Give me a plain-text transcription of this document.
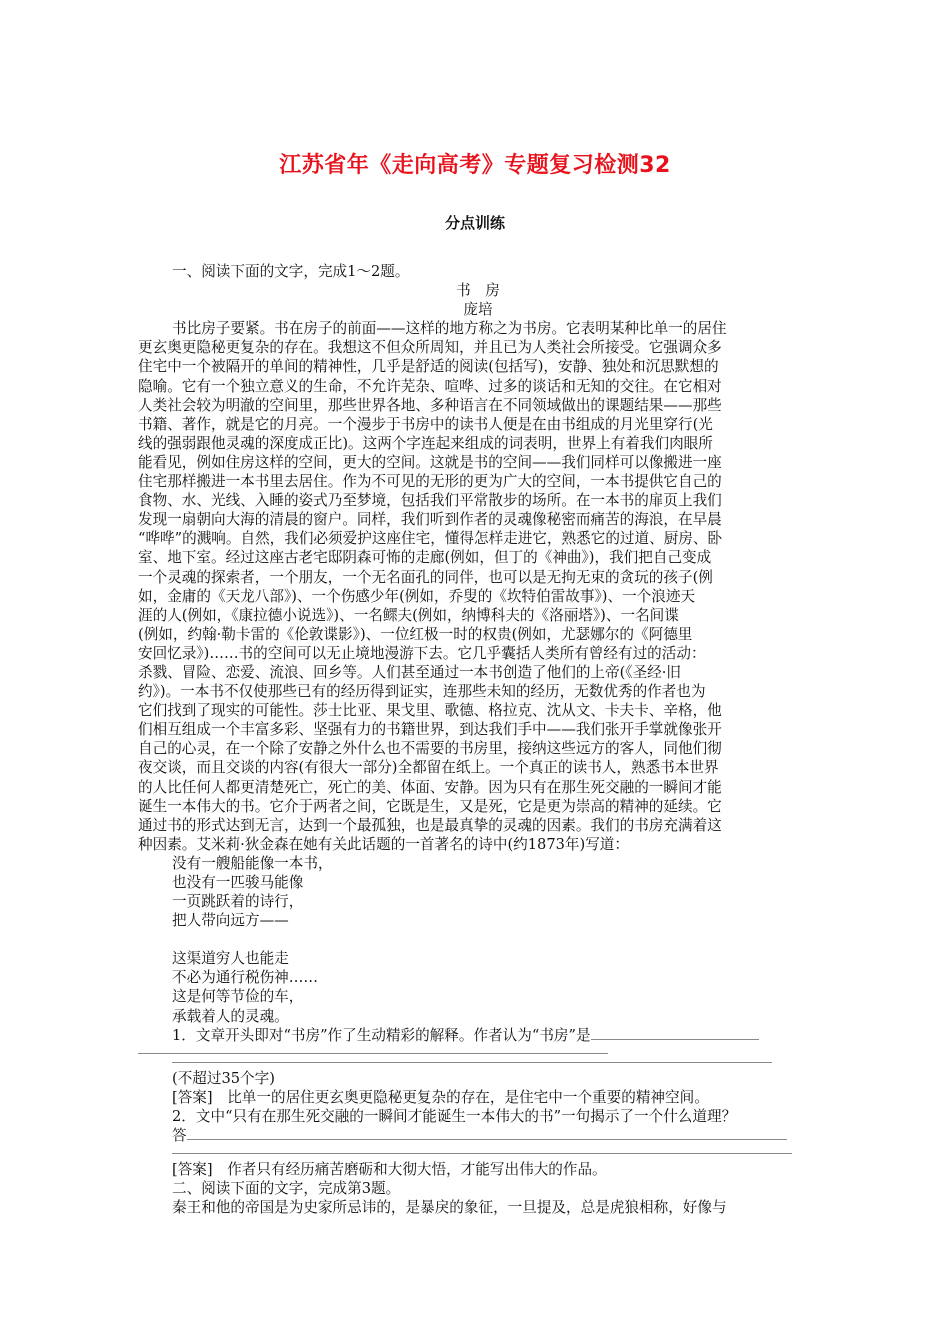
江苏省年《走向高考》专题复习检测32
分点训练
一、阅读下面的文字，完成1～2题。
书　房
庞培
书比房子要紧。书在房子的前面——这样的地方称之为书房。它表明某种比单一的居住
更玄奥更隐秘更复杂的存在。我想这不但众所周知，并且已为人类社会所接受。它强调众多
住宅中一个被隔开的单间的精神性，几乎是舒适的阅读(包括写)，安静、独处和沉思默想的
隐喻。它有一个独立意义的生命，不允许芜杂、喧哗、过多的谈话和无知的交往。在它相对
人类社会较为明澈的空间里，那些世界各地、多种语言在不同领域做出的课题结果——那些
书籍、著作，就是它的月亮。一个漫步于书房中的读书人便是在由书组成的月光里穿行(光
线的强弱跟他灵魂的深度成正比)。这两个字连起来组成的词表明，世界上有着我们肉眼所
能看见，例如住房这样的空间，更大的空间。这就是书的空间——我们同样可以像搬进一座
住宅那样搬进一本书里去居住。作为不可见的无形的更为广大的空间，一本书提供它自己的
食物、水、光线、入睡的姿式乃至梦境，包括我们平常散步的场所。在一本书的扉页上我们
发现一扇朝向大海的清晨的窗户。同样，我们听到作者的灵魂像秘密而痛苦的海浪，在早晨
“哗哗”的溅响。自然，我们必须爱护这座住宅，懂得怎样走进它，熟悉它的过道、厨房、卧
室、地下室。经过这座古老宅邸阴森可怖的走廊(例如，但丁的《神曲》)，我们把自己变成
一个灵魂的探索者，一个朋友，一个无名面孔的同伴，也可以是无拘无束的贪玩的孩子(例
如，金庸的《天龙八部》)、一个伤感少年(例如，乔叟的《坎特伯雷故事》)、一个浪迹天
涯的人(例如，《康拉德小说选》)、一名鳏夫(例如，纳博科夫的《洛丽塔》)、一名间谍
(例如，约翰·勒卡雷的《伦敦谍影》)、一位红极一时的权贵(例如，尤瑟娜尔的《阿德里
安回忆录》)……书的空间可以无止境地漫游下去。它几乎囊括人类所有曾经有过的活动：
杀戮、冒险、恋爱、流浪、回乡等。人们甚至通过一本书创造了他们的上帝(《圣经·旧
约》)。一本书不仅使那些已有的经历得到证实，连那些未知的经历，无数优秀的作者也为
它们找到了现实的可能性。莎士比亚、果戈里、歌德、格拉克、沈从文、卡夫卡、辛格，他
们相互组成一个丰富多彩、坚强有力的书籍世界，到达我们手中——我们张开手掌就像张开
自己的心灵，在一个除了安静之外什么也不需要的书房里，接纳这些远方的客人，同他们彻
夜交谈，而且交谈的内容(有很大一部分)全都留在纸上。一个真正的读书人，熟悉书本世界
的人比任何人都更清楚死亡，死亡的美、体面、安静。因为只有在那生死交融的一瞬间才能
诞生一本伟大的书。它介于两者之间，它既是生，又是死，它是更为崇高的精神的延续。它
通过书的形式达到无言，达到一个最孤独，也是最真挚的灵魂的因素。我们的书房充满着这
种因素。艾米莉·狄金森在她有关此话题的一首著名的诗中(约1873年)写道：
没有一艘船能像一本书，
也没有一匹骏马能像
一页跳跃着的诗行，
把人带向远方——
这渠道穷人也能走
不必为通行税伤神……
这是何等节俭的车，
承载着人的灵魂。
1．文章开头即对“书房”作了生动精彩的解释。作者认为“书房”是
(不超过35个字)
[答案]　 比单一的居住更玄奥更隐秘更复杂的存在，是住宅中一个重要的精神空间。
2．文中“只有在那生死交融的一瞬间才能诞生一本伟大的书”一句揭示了一个什么道理？
答
[答案]　 作者只有经历痛苦磨砺和大彻大悟，才能写出伟大的作品。
二、阅读下面的文字，完成第3题。
秦王和他的帝国是为史家所忌讳的，是暴戾的象征，一旦提及，总是虎狼相称，好像与
